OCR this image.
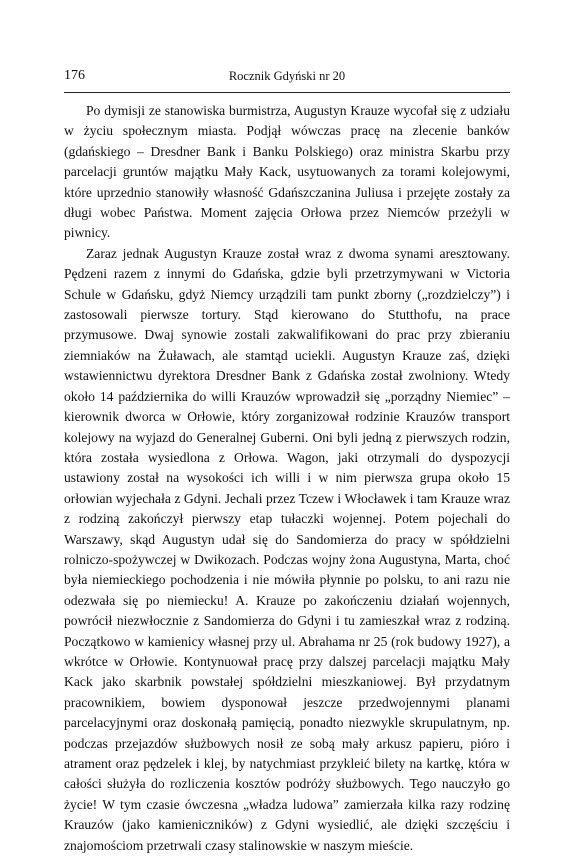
176	Rocznik Gdyński nr 20

Po dymisji ze stanowiska burmistrza, Augustyn Krauze wycofał się z udziału w życiu społecznym miasta. Podjął wówczas pracę na zlecenie banków (gdańskiego – Dresdner Bank i Banku Polskiego) oraz ministra Skarbu przy parcelacji gruntów majątku Mały Kack, usytuowanych za torami kolejowymi, które uprzednio stanowiły własność Gdańszczanina Juliusa i przejęte zostały za długi wobec Państwa. Moment zajęcia Orłowa przez Niemców przeżyli w piwnicy.

Zaraz jednak Augustyn Krauze został wraz z dwoma synami aresztowany. Pędzeni razem z innymi do Gdańska, gdzie byli przetrzymywani w Victoria Schule w Gdańsku, gdyż Niemcy urządzili tam punkt zborny („rozdzielczy”) i zastosowali pierwsze tortury. Stąd kierowano do Stutthofu, na prace przymusowe. Dwaj synowie zostali zakwalifikowani do prac przy zbieraniu ziemniaków na Żuławach, ale stamtąd uciekli. Augustyn Krauze zaś, dzięki wstawiennictwu dyrektora Dresdner Bank z Gdańska został zwolniony. Wtedy około 14 października do willi Krauzów wprowadził się „porządny Niemiec” – kierownik dworca w Orłowie, który zorganizował rodzinie Krauzów transport kolejowy na wyjazd do Generalnej Guberni. Oni byli jedną z pierwszych rodzin, która została wysiedlona z Orłowa. Wagon, jaki otrzymali do dyspozycji ustawiony został na wysokości ich willi i w nim pierwsza grupa około 15 orłowian wyjechała z Gdyni. Jechali przez Tczew i Włocławek i tam Krauze wraz z rodziną zakończył pierwszy etap tułaczki wojennej. Potem pojechali do Warszawy, skąd Augustyn udał się do Sandomierza do pracy w spółdzielni rolniczo-spożywczej w Dwikozach. Podczas wojny żona Augustyna, Marta, choć była niemieckiego pochodzenia i nie mówiła płynnie po polsku, to ani razu nie odezwała się po niemiecku! A. Krauze po zakończeniu działań wojennych, powrócił niezwłocznie z Sandomierza do Gdyni i tu zamieszkał wraz z rodziną. Początkowo w kamienicy własnej przy ul. Abrahama nr 25 (rok budowy 1927), a wkrótce w Orłowie. Kontynuował pracę przy dalszej parcelacji majątku Mały Kack jako skarbnik powstałej spółdzielni mieszkaniowej. Był przydatnym pracownikiem, bowiem dysponował jeszcze przedwojennymi planami parcelacyjnymi oraz doskonałą pamięcią, ponadto niezwykle skrupulatnym, np. podczas przejazdów służbowych nosił ze sobą mały arkusz papieru, pióro i atrament oraz pędzelek i klej, by natychmiast przykleić bilety na kartkę, która w całości służyła do rozliczenia kosztów podróży służbowych. Tego nauczyło go życie! W tym czasie ówczesna „władza ludowa” zamierzała kilka razy rodzinę Krauzów (jako kamieniczników) z Gdyni wysiedlić, ale dzięki szczęściu i znajomościom przetrwali czasy stalinowskie w naszym mieście.
